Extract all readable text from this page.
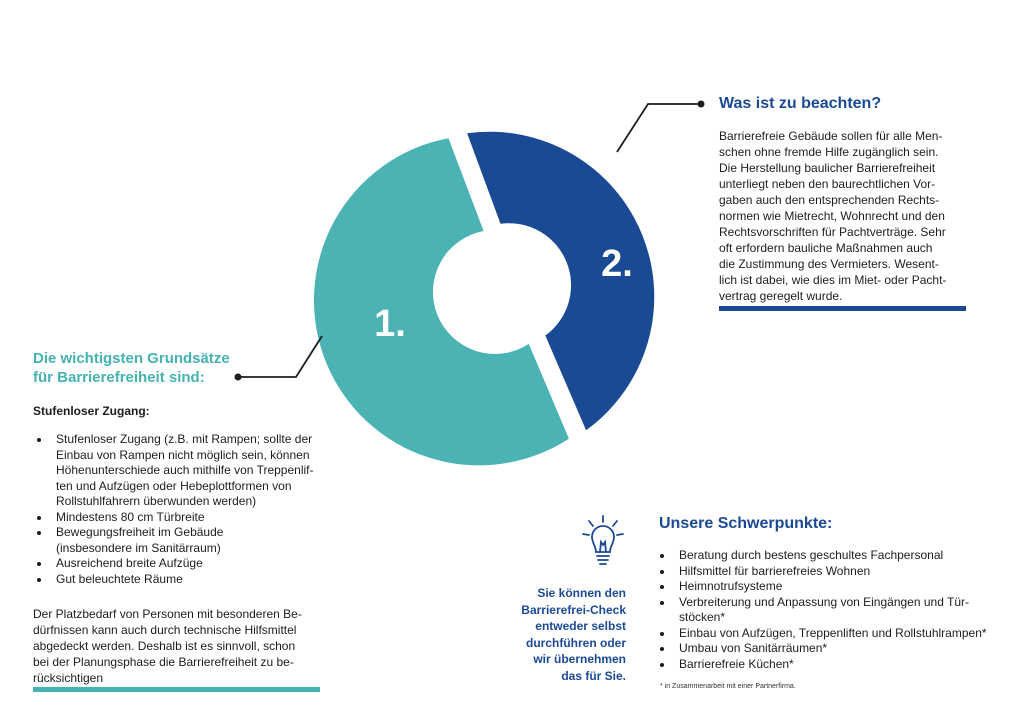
1.
2.
Was ist zu beachten?
Barrierefreie Gebäude sollen für alle Men-
schen ohne fremde Hilfe zugänglich sein.
Die Herstellung baulicher Barrierefreiheit
unterliegt neben den baurechtlichen Vor-
gaben auch den entsprechenden Rechts-
normen wie Mietrecht, Wohnrecht und den
Rechtsvorschriften für Pachtverträge. Sehr
oft erfordern bauliche Maßnahmen auch
die Zustimmung des Vermieters. Wesent-
lich ist dabei, wie dies im Miet- oder Pacht-
vertrag geregelt wurde.
Die wichtigsten Grundsätze
für Barrierefreiheit sind:
Stufenloser Zugang:
Stufenloser Zugang (z.B. mit Rampen; sollte der
Einbau von Rampen nicht möglich sein, können
Höhenunterschiede auch mithilfe von Treppenlif-
ten und Aufzügen oder Hebeplottformen von
Rollstuhlfahrern überwunden werden)
Mindestens 80 cm Türbreite
Bewegungsfreiheit im Gebäude
(insbesondere im Sanitärraum)
Ausreichend breite Aufzüge
Gut beleuchtete Räume
Der Platzbedarf von Personen mit besonderen Be-
dürfnissen kann auch durch technische Hilfsmittel
abgedeckt werden. Deshalb ist es sinnvoll, schon
bei der Planungsphase die Barrierefreiheit zu be-
rücksichtigen
Sie können den
Barrierefrei-Check
entweder selbst
durchführen oder
wir übernehmen
das für Sie.
Unsere Schwerpunkte:
Beratung durch bestens geschultes Fachpersonal
Hilfsmittel für barrierefreies Wohnen
Heimnotrufsysteme
Verbreiterung und Anpassung von Eingängen und Tür-
stöcken*
Einbau von Aufzügen, Treppenliften und Rollstuhlrampen*
Umbau von Sanitärräumen*
Barrierefreie Küchen*
* in Zusammenarbeit mit einer Partnerfirma.
